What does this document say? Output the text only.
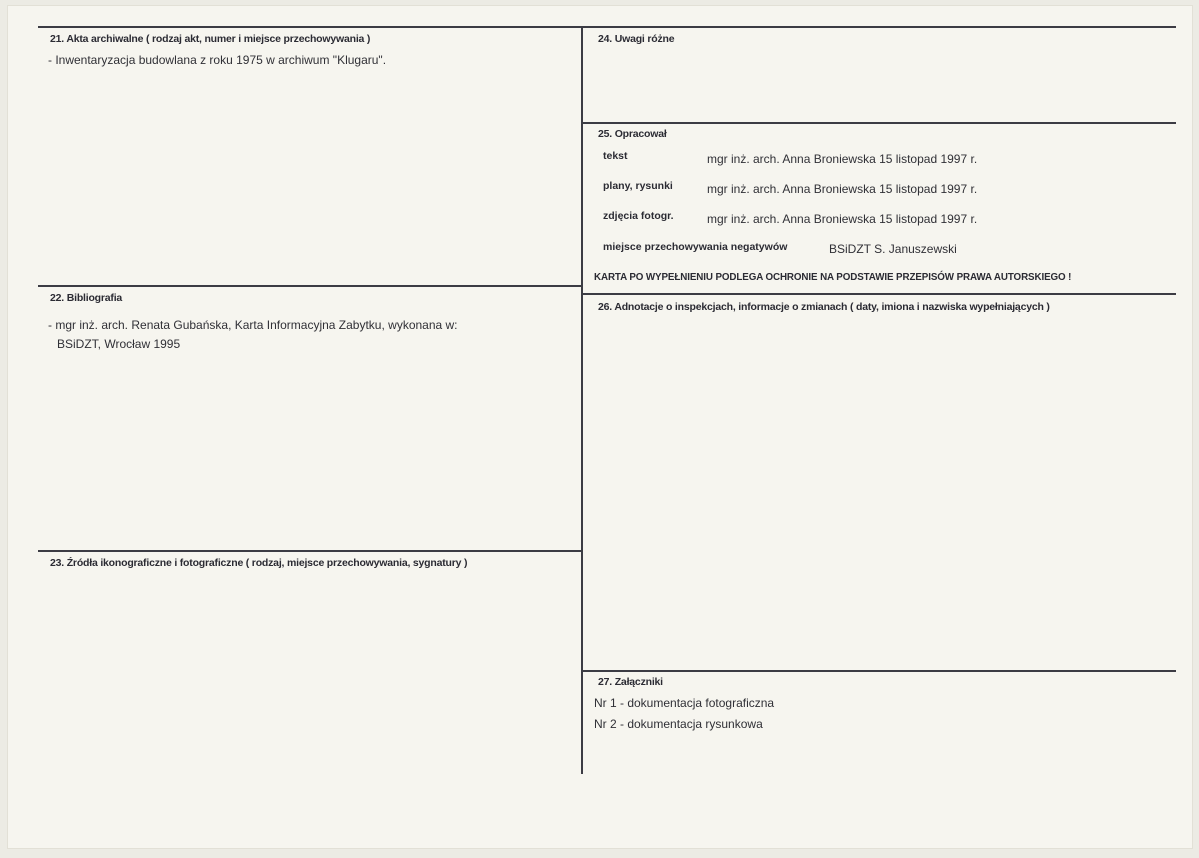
21. Akta archiwalne ( rodzaj akt, numer i miejsce przechowywania )
- Inwentaryzacja budowlana z roku 1975 w archiwum "Klugaru".
22. Bibliografia
- mgr inż. arch. Renata Gubańska, Karta Informacyjna Zabytku, wykonana w:
BSiDZT, Wrocław 1995
23. Źródła ikonograficzne i fotograficzne ( rodzaj, miejsce przechowywania, sygnatury )
24. Uwagi różne
25. Opracował
tekst	mgr inż. arch. Anna Broniewska 15 listopad 1997 r.
plany, rysunki	mgr inż. arch. Anna Broniewska 15 listopad 1997 r.
zdjęcia fotogr.	mgr inż. arch. Anna Broniewska 15 listopad 1997 r.
miejsce przechowywania negatywów	BSiDZT S. Januszewski
KARTA PO WYPEŁNIENIU PODLEGA OCHRONIE NA PODSTAWIE PRZEPISÓW PRAWA AUTORSKIEGO !
26. Adnotacje o inspekcjach, informacje o zmianach ( daty, imiona i nazwiska wypełniających )
27. Załączniki
Nr 1 - dokumentacja fotograficzna
Nr 2 - dokumentacja rysunkowa
